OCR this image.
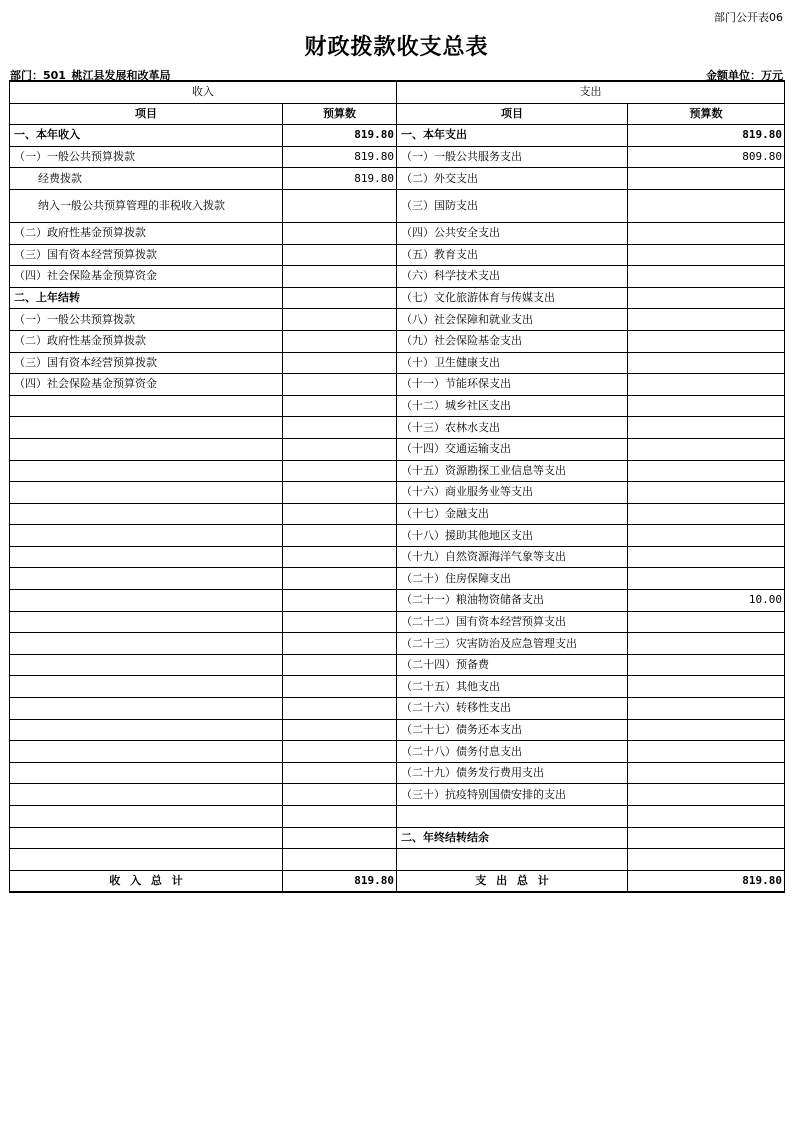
部门公开表06
财政拨款收支总表
部门：501_桃江县发展和改革局	金额单位：万元
收入		支出	
项目	预算数	项目	预算数
一、本年收入	819.80	一、本年支出	819.80
（一）一般公共预算拨款	819.80	（一）一般公共服务支出	809.80
经费拨款	819.80	（二）外交支出	
纳入一般公共预算管理的非税收入拨款		（三）国防支出	
（二）政府性基金预算拨款		（四）公共安全支出	
（三）国有资本经营预算拨款		（五）教育支出	
（四）社会保险基金预算资金		（六）科学技术支出	
二、上年结转		（七）文化旅游体育与传媒支出	
（一）一般公共预算拨款		（八）社会保障和就业支出	
（二）政府性基金预算拨款		（九）社会保险基金支出	
（三）国有资本经营预算拨款		（十）卫生健康支出	
（四）社会保险基金预算资金		（十一）节能环保支出	
		（十二）城乡社区支出	
		（十三）农林水支出	
		（十四）交通运输支出	
		（十五）资源勘探工业信息等支出	
		（十六）商业服务业等支出	
		（十七）金融支出	
		（十八）援助其他地区支出	
		（十九）自然资源海洋气象等支出	
		（二十）住房保障支出	
		（二十一）粮油物资储备支出	10.00
		（二十二）国有资本经营预算支出	
		（二十三）灾害防治及应急管理支出	
		（二十四）预备费	
		（二十五）其他支出	
		（二十六）转移性支出	
		（二十七）债务还本支出	
		（二十八）债务付息支出	
		（二十九）债务发行费用支出	
		（三十）抗疫特别国债安排的支出	

		二、年终结转结余	

收 入 总 计	819.80	支 出 总 计	819.80
